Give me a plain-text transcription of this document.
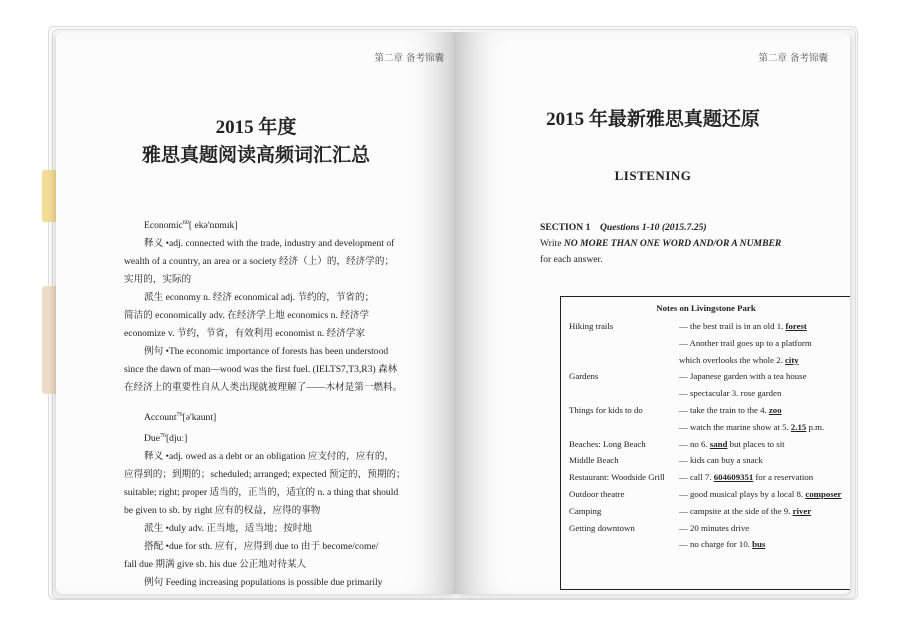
第二章 备考锦囊
2015 年度
雅思真题阅读高频词汇汇总

Economic$^{60}$[ ekə'nɒmɪk]

释义 •adj. connected with the trade, industry and development of

wealth of a country, an area or a society 经济（上）的，经济学的；

实用的，实际的

派生 economy n. 经济 economical adj. 节约的，节省的；

简洁的 economically adv. 在经济学上地 economics n. 经济学

economize v. 节约，节省，有效利用 economist n. 经济学家

例句 •The economic importance of forests has been understood

since the dawn of man—wood was the first fuel. (IELTS7,T3,R3) 森林

在经济上的重要性自从人类出现就被理解了——木材是第一燃料。

Account$^{76}$[ə'kaunt]

Due$^{76}$[djuː]

释义 •adj. owed as a debt or an obligation 应支付的，应有的，

应得到的；到期的；scheduled; arranged; expected 预定的，预期的；

suitable; right; proper 适当的，正当的，适宜的 n. a thing that should

be given to sb. by right 应有的权益，应得的事物

派生 •duly adv. 正当地，适当地；按时地

搭配 •due for sth. 应有，应得到 due to 由于 become/come/

fall due 期满 give sb. his due 公正地对待某人

例句 Feeding increasing populations is possible due primarily

第二章 备考锦囊
2015 年最新雅思真题还原
LISTENING
SECTION 1 Questions 1-10 (2015.7.25)
Write NO MORE THAN ONE WORD AND/OR A NUMBER
for each answer.
Notes on Livingstone Park
Hiking trails	— the best trail is in an old 1. forest
— Another trail goes up to a platform
which overlooks the whole 2. city
Gardens	— Japanese garden with a tea house
— spectacular 3. rose garden
Things for kids to do	— take the train to the 4. zoo
— watch the marine show at 5. 2.15 p.m.
Beaches: Long Beach	— no 6. sand but places to sit
Middle Beach	— kids can buy a snack
Restaurant: Woodside Grill — call 7. 604609351 for a reservation
Outdoor theatre	— good musical plays by a local 8. composer
Camping	— campsite at the side of the 9. river
Getting downtown	— 20 minutes drive
— no charge for 10. bus
